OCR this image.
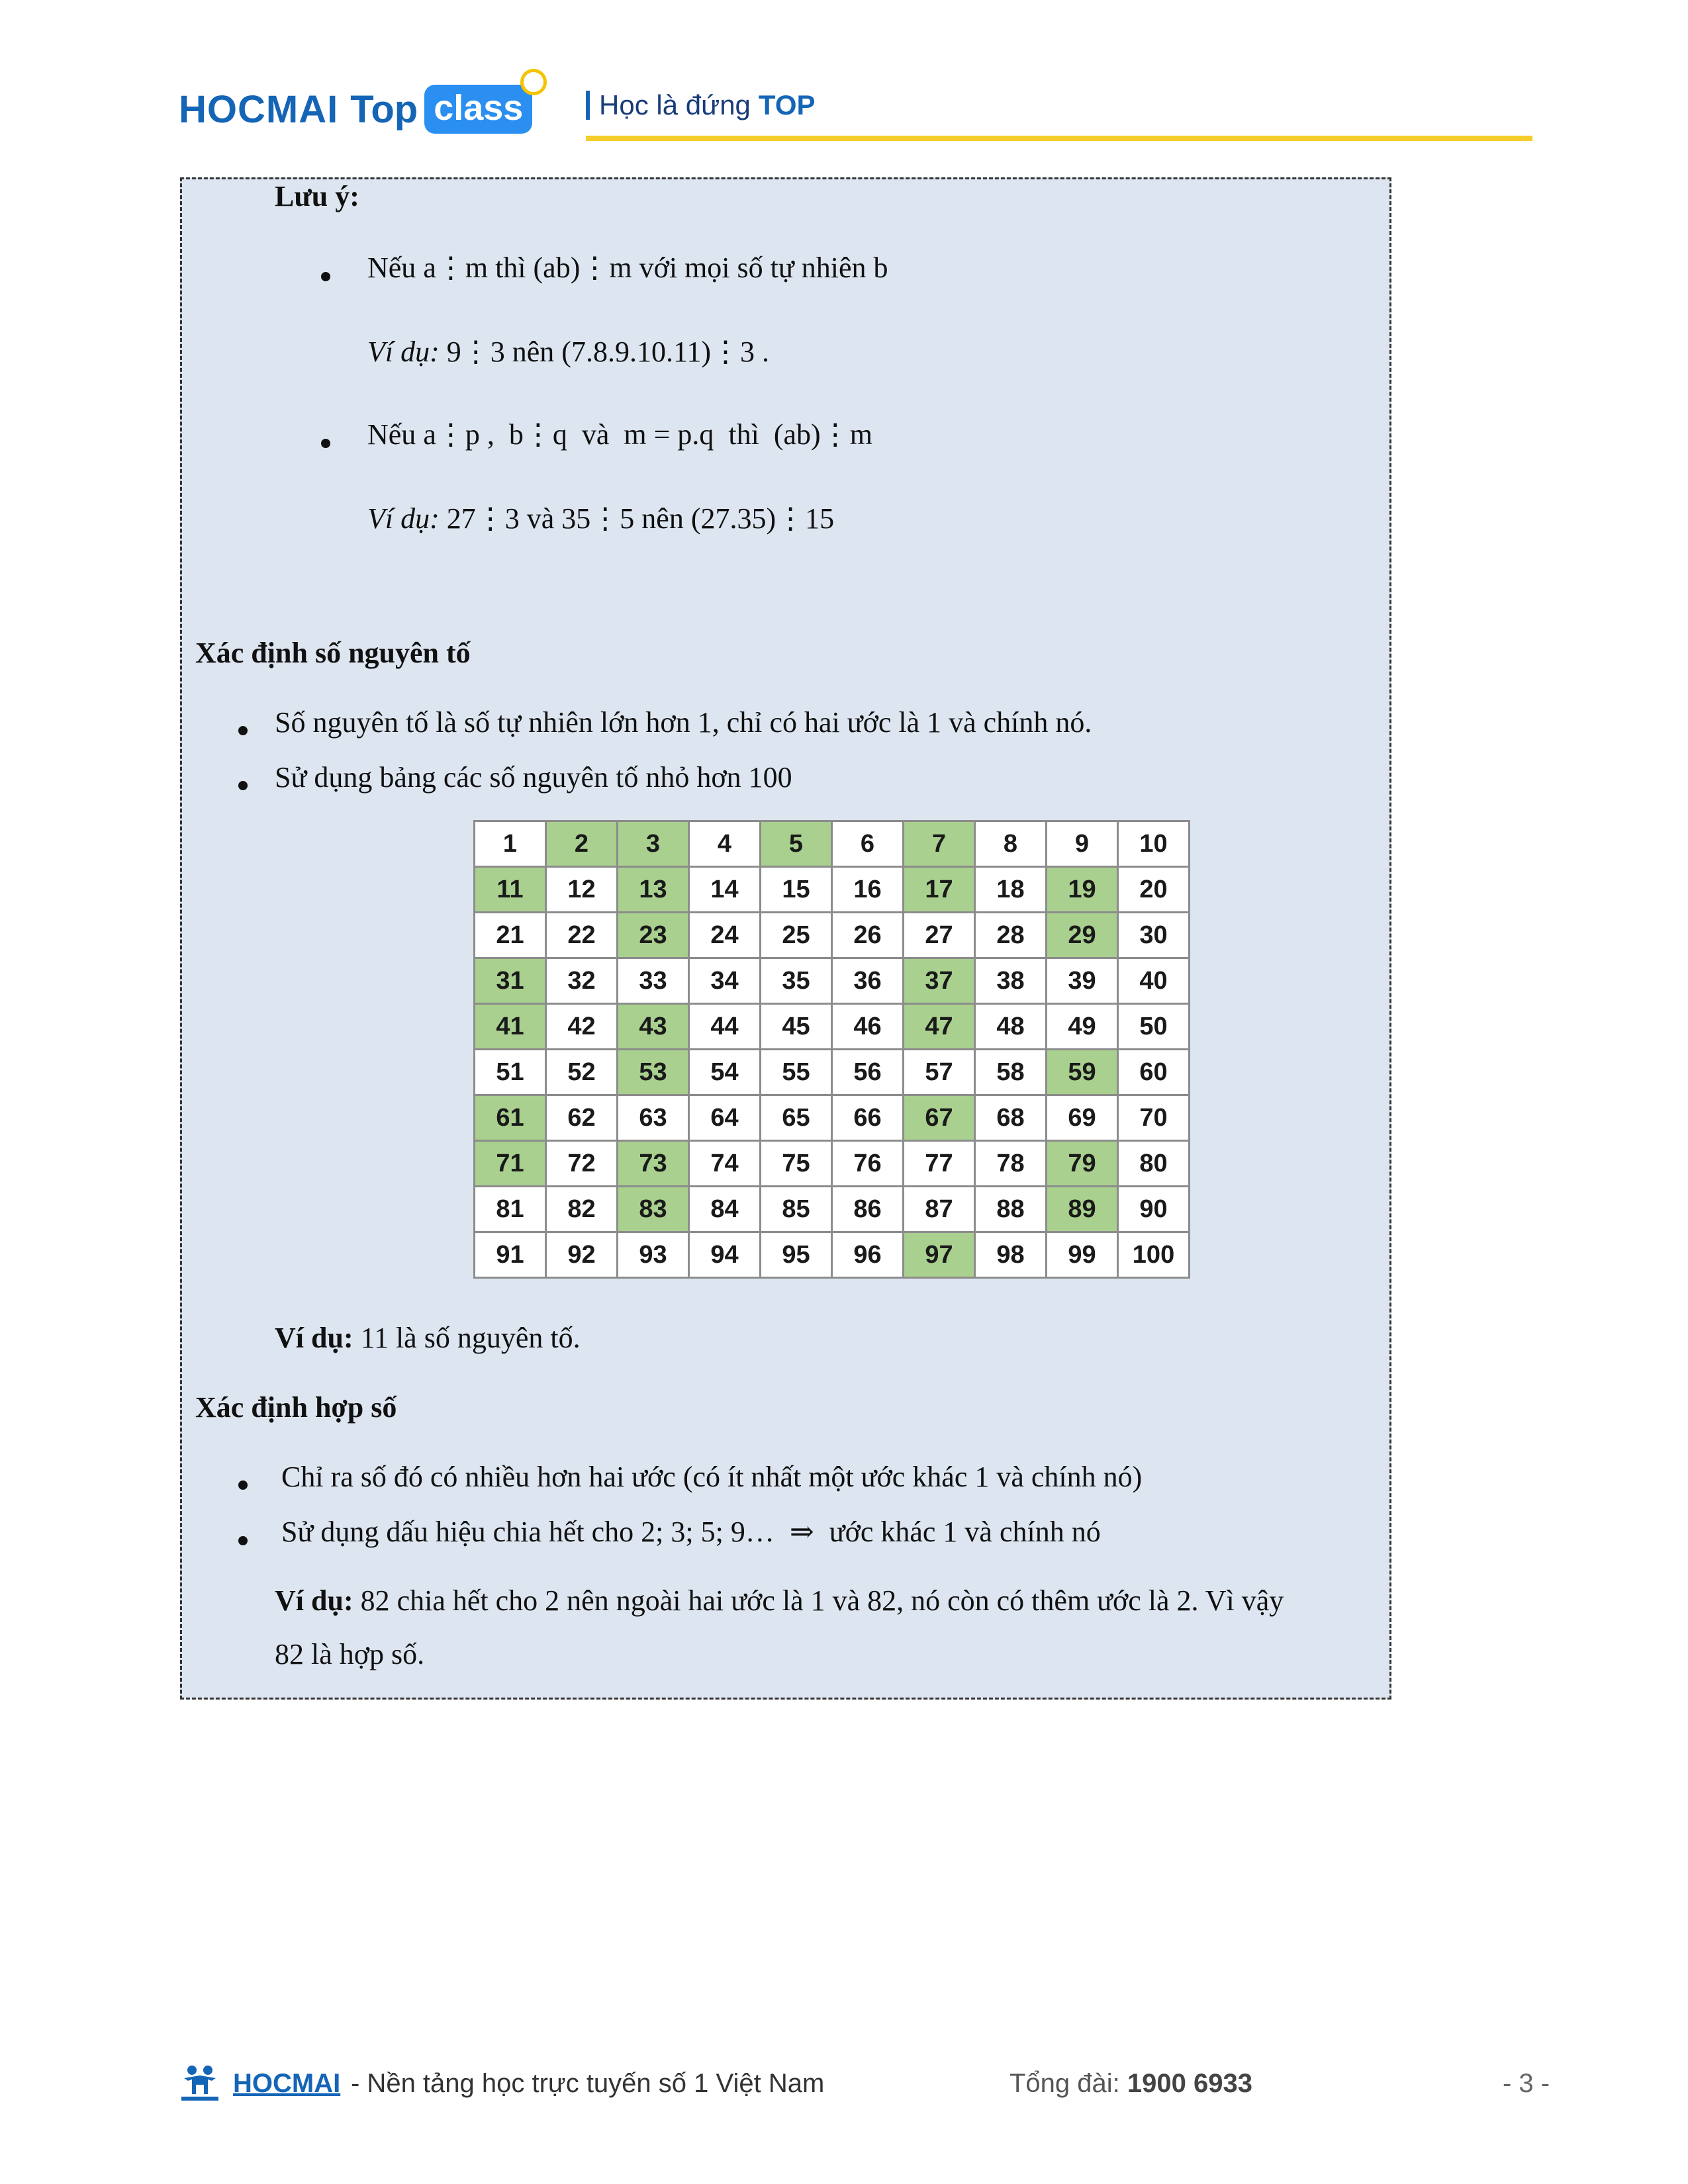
HOCMAI Top class	Học là đứng TOP
Lưu ý:
Nếu a⋮m thì (ab)⋮m với mọi số tự nhiên b
Ví dụ: 9⋮3 nên (7.8.9.10.11)⋮3 .
Nếu a⋮p ,  b⋮q  và  m = p.q  thì  (ab)⋮m
Ví dụ: 27⋮3 và 35⋮5 nên (27.35)⋮15
Xác định số nguyên tố
Số nguyên tố là số tự nhiên lớn hơn 1, chỉ có hai ước là 1 và chính nó.
Sử dụng bảng các số nguyên tố nhỏ hơn 100
1	2	3	4	5	6	7	8	9	10
11	12	13	14	15	16	17	18	19	20
21	22	23	24	25	26	27	28	29	30
31	32	33	34	35	36	37	38	39	40
41	42	43	44	45	46	47	48	49	50
51	52	53	54	55	56	57	58	59	60
61	62	63	64	65	66	67	68	69	70
71	72	73	74	75	76	77	78	79	80
81	82	83	84	85	86	87	88	89	90
91	92	93	94	95	96	97	98	99	100
Ví dụ: 11 là số nguyên tố.
Xác định hợp số
Chỉ ra số đó có nhiều hơn hai ước (có ít nhất một ước khác 1 và chính nó)
Sử dụng dấu hiệu chia hết cho 2; 3; 5; 9… ⇒ ước khác 1 và chính nó
Ví dụ: 82 chia hết cho 2 nên ngoài hai ước là 1 và 82, nó còn có thêm ước là 2. Vì vậy
82 là hợp số.
HOCMAI - Nền tảng học trực tuyến số 1 Việt Nam	Tổng đài: 1900 6933	- 3 -
